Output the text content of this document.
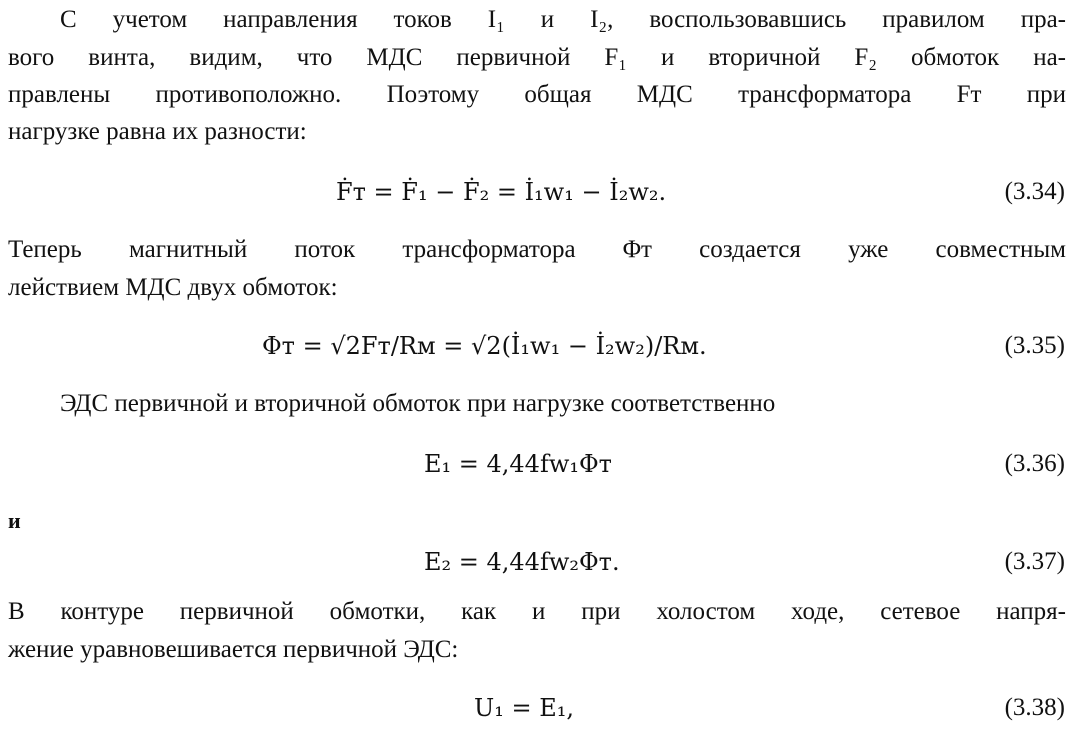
С учетом направления токов I₁ и I₂, воспользовавшись правилом пра-
вого винта, видим, что МДС первичной F₁ и вторичной F₂ обмоток на-
правлены противоположно. Поэтому общая МДС трансформатора Fт при
нагрузке равна их разности:
Ḟт = Ḟ₁ − Ḟ₂ = İ₁w₁ − İ₂w₂.	(3.34)
Теперь магнитный поток трансформатора Φт создается уже совместным
лействием МДС двух обмоток:
Φт = √2Fт/Rм = √2(İ₁w₁ − İ₂w₂)/Rм.	(3.35)
ЭДС первичной и вторичной обмоток при нагрузке соответственно
E₁ = 4,44fw₁Φт	(3.36)
и
E₂ = 4,44fw₂Φт.	(3.37)
В контуре первичной обмотки, как и при холостом ходе, сетевое напря-
жение уравновешивается первичной ЭДС:
U₁ = E₁,	(3.38)
